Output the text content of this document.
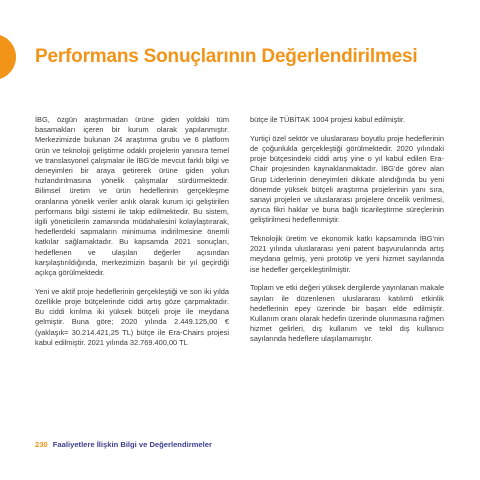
Performans Sonuçlarının Değerlendirilmesi

İBG, özgün araştırmadan ürüne giden yoldaki tüm basamakları içeren bir kurum olarak yapılanmıştır. Merkezimizde bulunan 24 araştırma grubu ve 6 platform ürün ve teknoloji geliştirme odaklı projelerin yanısıra temel ve translasyonel çalışmalar ile İBG’de mevcut farklı bilgi ve deneyimleri bir araya getirerek ürüne giden yolun hızlandırılmasına yönelik çalışmalar sürdürmektedir. Bilimsel üretim ve ürün hedeflerinin gerçekleşme oranlarına yönelik veriler anlık olarak kurum içi geliştirilen performans bilgi sistemi ile takip edilmektedir. Bu sistem, ilgili yöneticilerin zamanında müdahalesini kolaylaştırarak, hedeflerdeki sapmaların minimuma indirilmesine önemli katkılar sağlamaktadır. Bu kapsamda 2021 sonuçları, hedeflenen ve ulaşılan değerler açısından karşılaştırıldığında, merkezimizin başarılı bir yıl geçirdiği açıkça görülmektedir.

Yeni ve aktif proje hedeflerinin gerçekleştiği ve son iki yılda özellikle proje bütçelerinde ciddi artış göze çarpmaktadır. Bu ciddi kırılma iki yüksek bütçeli proje ile meydana gelmiştir. Buna göre; 2020 yılında 2.449.125,00 € (yaklaşık= 30.214.421,25 TL) bütçe ile Era-Chairs projesi kabul edilmiştir. 2021 yılında 32.769.400,00 TL

bütçe ile TÜBİTAK 1004 projesi kabul edilmiştir.

Yurtiçi özel sektör ve uluslararası boyutlu proje hedeflerinin de çoğunlukla gerçekleştiği görülmektedir. 2020 yılındaki proje bütçesindeki ciddi artış yine o yıl kabul edilen Era-Chair projesinden kaynaklanmaktadır. İBG’de görev alan Grup Liderlerinin deneyimleri dikkate alındığında bu yeni dönemde yüksek bütçeli araştırma projelerinin yanı sıra, sanayi projeleri ve uluslararası projelere öncelik verilmesi, ayrıca fikri haklar ve buna bağlı ticarileştirme süreçlerinin geliştirilmesi hedeflenmiştir.

Teknolojik üretim ve ekonomik katkı kapsamında İBG’nin 2021 yılında uluslararası yeni patent başvurularında artış meydana gelmiş, yeni prototip ve yeni hizmet sayılarında ise hedefler gerçekleştirilmiştir.

Toplam ve etki değeri yüksek dergilerde yayınlanan makale sayıları ile düzenlenen uluslararası katılımlı etkinlik hedeflerinin epey üzerinde bir başarı elde edilmiştir. Kullanım oranı olarak hedefin üzerinde olunmasına rağmen hizmet gelirleri, dış kullanım ve tekil dış kullanıcı sayılarında hedeflere ulaşılamamıştır.

230 Faaliyetlere İlişkin Bilgi ve Değerlendirmeler
